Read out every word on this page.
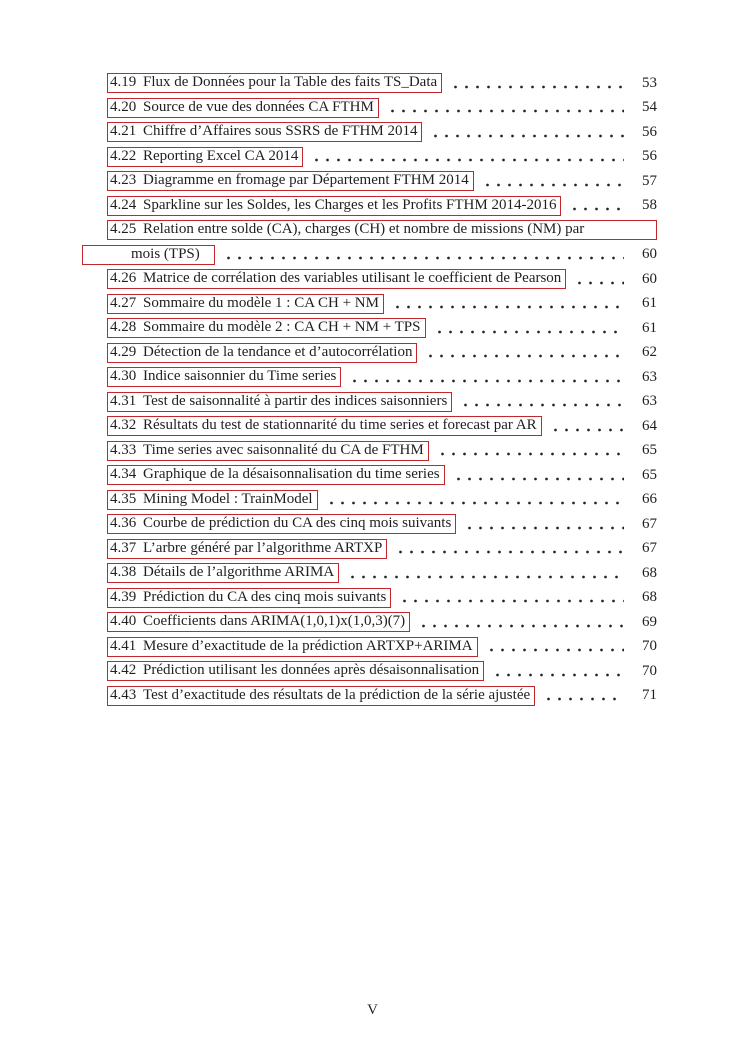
4.19 Flux de Données pour la Table des faits TS_Data	53
4.20 Source de vue des données CA FTHM	54
4.21 Chiffre d’Affaires sous SSRS de FTHM 2014	56
4.22 Reporting Excel CA 2014	56
4.23 Diagramme en fromage par Département FTHM 2014	57
4.24 Sparkline sur les Soldes, les Charges et les Profits FTHM 2014-2016	58
4.25 Relation entre solde (CA), charges (CH) et nombre de missions (NM) par
mois (TPS)	60
4.26 Matrice de corrélation des variables utilisant le coefficient de Pearson	60
4.27 Sommaire du modèle 1 : CA CH + NM	61
4.28 Sommaire du modèle 2 : CA CH + NM + TPS	61
4.29 Détection de la tendance et d’autocorrélation	62
4.30 Indice saisonnier du Time series	63
4.31 Test de saisonnalité à partir des indices saisonniers	63
4.32 Résultats du test de stationnarité du time series et forecast par AR	64
4.33 Time series avec saisonnalité du CA de FTHM	65
4.34 Graphique de la désaisonnalisation du time series	65
4.35 Mining Model : TrainModel	66
4.36 Courbe de prédiction du CA des cinq mois suivants	67
4.37 L’arbre généré par l’algorithme ARTXP	67
4.38 Détails de l’algorithme ARIMA	68
4.39 Prédiction du CA des cinq mois suivants	68
4.40 Coefficients dans ARIMA(1,0,1)x(1,0,3)(7)	69
4.41 Mesure d’exactitude de la prédiction ARTXP+ARIMA	70
4.42 Prédiction utilisant les données après désaisonnalisation	70
4.43 Test d’exactitude des résultats de la prédiction de la série ajustée	71
V
